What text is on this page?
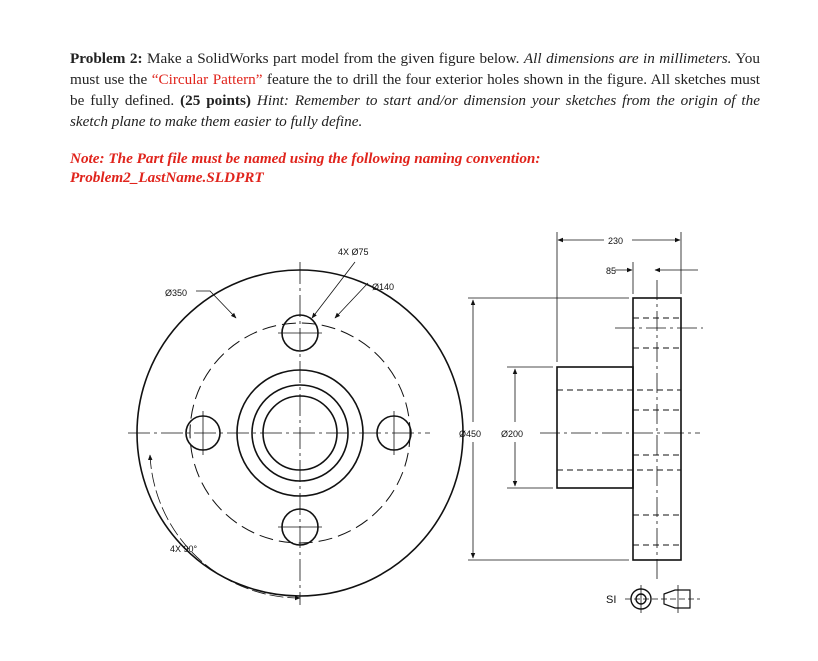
Problem 2: Make a SolidWorks part model from the given figure below. All dimensions are in millimeters. You must use the “Circular Pattern” feature the to drill the four exterior holes shown in the figure. All sketches must be fully defined. (25 points) Hint: Remember to start and/or dimension your sketches from the origin of the sketch plane to make them easier to fully define.
Note: The Part file must be named using the following naming convention:
Problem2_LastName.SLDPRT
4X Ø75
Ø140
Ø350
4X 90°
230
85
Ø450 Ø200
SI
